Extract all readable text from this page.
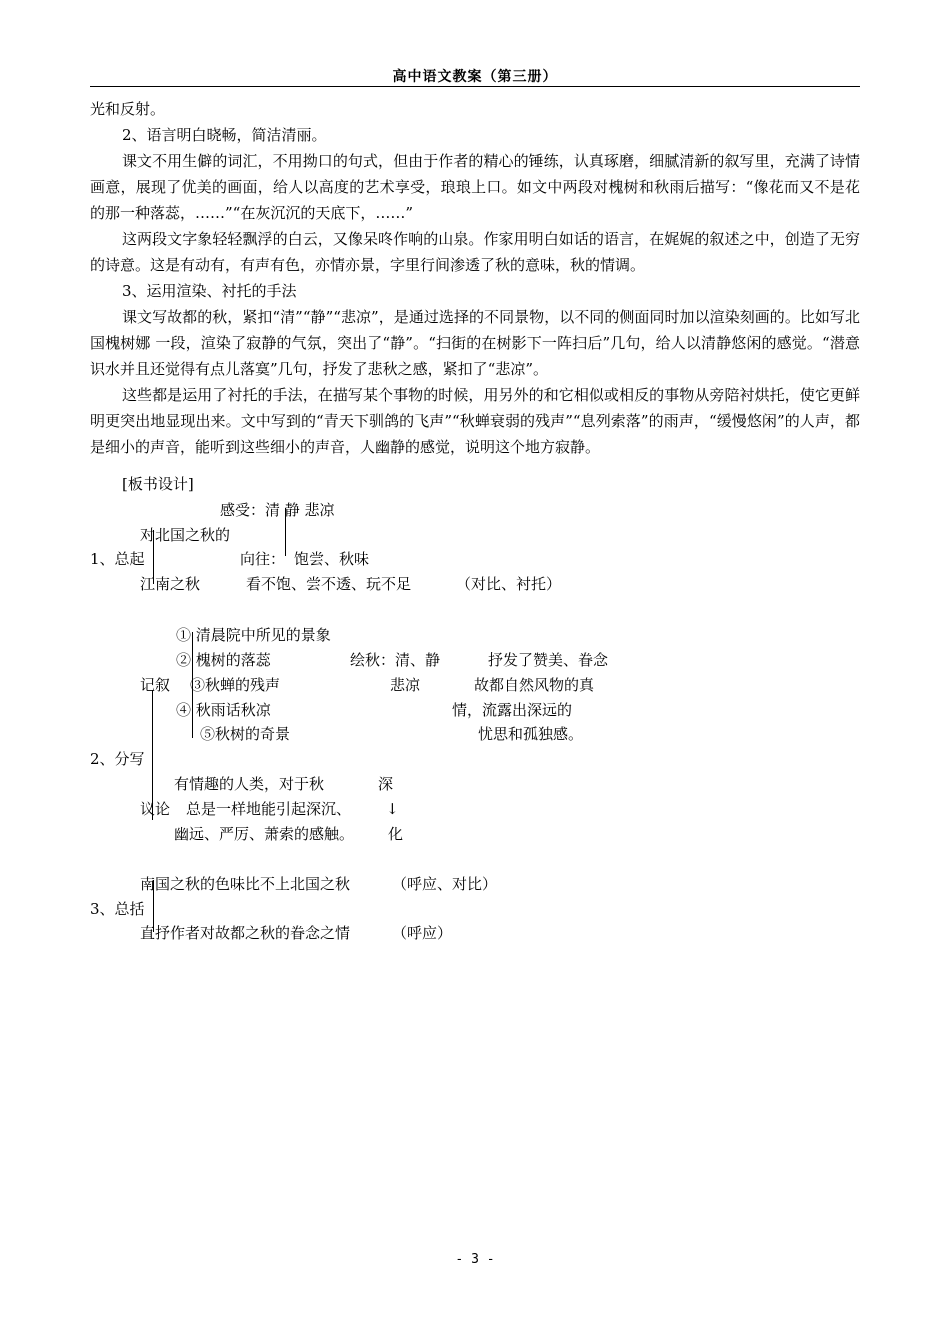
高中语文教案（第三册）

光和反射。

2、语言明白晓畅，简洁清丽。

课文不用生僻的词汇，不用拗口的句式，但由于作者的精心的锤练，认真琢磨，细腻清新的叙写里，充满了诗情画意，展现了优美的画面，给人以高度的艺术享受，琅琅上口。如文中两段对槐树和秋雨后描写：“像花而又不是花的那一种落蕊，……”“在灰沉沉的天底下，……”

这两段文字象轻轻飘浮的白云，又像呆咚作响的山泉。作家用明白如话的语言，在娓娓的叙述之中，创造了无穷的诗意。这是有动有，有声有色，亦情亦景，字里行间渗透了秋的意味，秋的情调。

3、运用渲染、衬托的手法

课文写故都的秋，紧扣“清”“静”“悲凉”，是通过选择的不同景物，以不同的侧面同时加以渲染刻画的。比如写北国槐树娜 一段，渲染了寂静的气氛，突出了“静”。“扫街的在树影下一阵扫后”几句，给人以清静悠闲的感觉。“潜意识水并且还觉得有点儿落寞”几句，抒发了悲秋之感，紧扣了“悲凉”。

这些都是运用了衬托的手法，在描写某个事物的时候，用另外的和它相似或相反的事物从旁陪衬烘托，使它更鲜明更突出地显现出来。文中写到的“青天下驯鸽的飞声”“秋蝉衰弱的残声”“息列索落”的雨声，“缓慢悠闲”的人声，都是细小的声音，能听到这些细小的声音，人幽静的感觉，说明这个地方寂静。

[板书设计]
感受：清 静 悲凉
对北国之秋的
1、总起	向往： 饱尝、秋味
江南之秋	看不饱、尝不透、玩不足	（对比、衬托）
① 清晨院中所见的景象
② 槐树的落蕊	绘秋：清、静	抒发了赞美、眷念
记叙 ③秋蝉的残声	悲凉	故都自然风物的真
④ 秋雨话秋凉	情，流露出深远的
⑤秋树的奇景	忧思和孤独感。
2、分写
有情趣的人类，对于秋	深
议论 总是一样地能引起深沉、 ↓
幽远、严厉、萧索的感触。 化
南国之秋的色味比不上北国之秋	（呼应、对比）
3、总括
直抒作者对故都之秋的眷念之情	（呼应）
- 3 -
